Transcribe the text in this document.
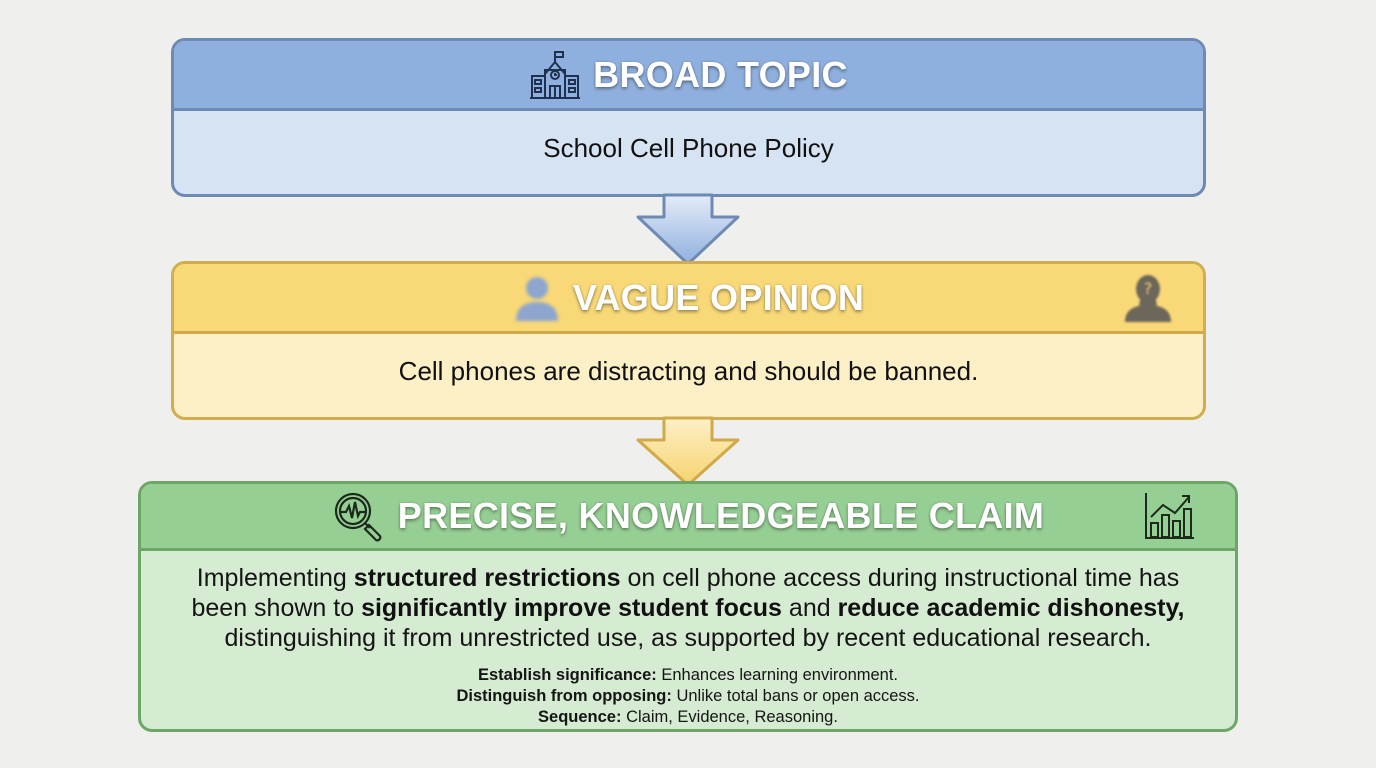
BROAD TOPIC
School Cell Phone Policy
VAGUE OPINION	?
Cell phones are distracting and should be banned.
PRECISE, KNOWLEDGEABLE CLAIM
Implementing structured restrictions on cell phone access during instructional time has
been shown to significantly improve student focus and reduce academic dishonesty,
distinguishing it from unrestricted use, as supported by recent educational research.
Establish significance: Enhances learning environment.
Distinguish from opposing: Unlike total bans or open access.
Sequence: Claim, Evidence, Reasoning.
